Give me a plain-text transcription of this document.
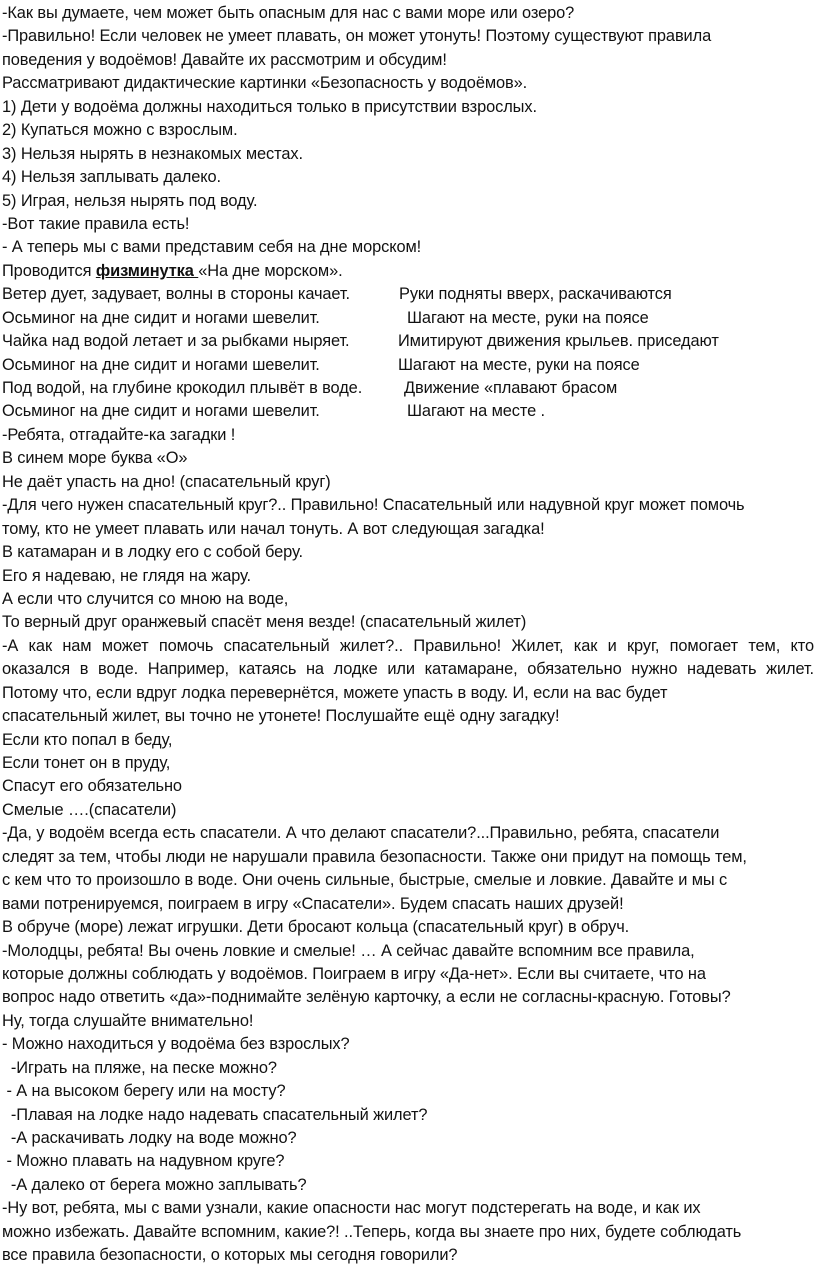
-Как вы думаете, чем может быть опасным для нас с вами море или озеро?
-Правильно! Если человек не умеет плавать, он может утонуть! Поэтому существуют правила
поведения у водоёмов! Давайте их рассмотрим и обсудим!
Рассматривают дидактические картинки «Безопасность у водоёмов».
1) Дети у водоёма должны находиться только в присутствии взрослых.
2) Купаться можно с взрослым.
3) Нельзя нырять в незнакомых местах.
4) Нельзя заплывать далеко.
5) Играя, нельзя нырять под воду.
-Вот такие правила есть!
- А теперь мы с вами представим себя на дне морском!
Проводится физминутка «На дне морском».
Ветер дует, задувает, волны в стороны качает.	Руки подняты вверх, раскачиваются
Осьминог на дне сидит и ногами шевелит.	Шагают на месте, руки на поясе
Чайка над водой летает и за рыбками ныряет.	Имитируют движения крыльев. приседают
Осьминог на дне сидит и ногами шевелит.	Шагают на месте, руки на поясе
Под водой, на глубине крокодил плывёт в воде.	Движение «плавают брасом
Осьминог на дне сидит и ногами шевелит.	Шагают на месте .
-Ребята, отгадайте-ка загадки !
В синем море буква «О»
Не даёт упасть на дно! (спасательный круг)
-Для чего нужен спасательный круг?.. Правильно! Спасательный или надувной круг может помочь
тому, кто не умеет плавать или начал тонуть. А вот следующая загадка!
В катамаран и в лодку его с собой беру.
Его я надеваю, не глядя на жару.
А если что случится со мною на воде,
То верный друг оранжевый спасёт меня везде! (спасательный жилет)
-А как нам может помочь спасательный жилет?.. Правильно! Жилет, как и круг, помогает тем, кто
оказался в воде. Например, катаясь на лодке или катамаране, обязательно нужно надевать жилет.
Потому что, если вдруг лодка перевернётся, можете упасть в воду. И, если на вас будет
спасательный жилет, вы точно не утонете! Послушайте ещё одну загадку!
Если кто попал в беду,
Если тонет он в пруду,
Спасут его обязательно
Смелые ….(спасатели)
-Да, у водоём всегда есть спасатели. А что делают спасатели?...Правильно, ребята, спасатели
следят за тем, чтобы люди не нарушали правила безопасности. Также они придут на помощь тем,
с кем что то произошло в воде. Они очень сильные, быстрые, смелые и ловкие. Давайте и мы с
вами потренируемся, поиграем в игру «Спасатели». Будем спасать наших друзей!
В обруче (море) лежат игрушки. Дети бросают кольца (спасательный круг) в обруч.
-Молодцы, ребята! Вы очень ловкие и смелые! … А сейчас давайте вспомним все правила,
которые должны соблюдать у водоёмов. Поиграем в игру «Да-нет». Если вы считаете, что на
вопрос надо ответить «да»-поднимайте зелёную карточку, а если не согласны-красную. Готовы?
Ну, тогда слушайте внимательно!
- Можно находиться у водоёма без взрослых?
-Играть на пляже, на песке можно?
- А на высоком берегу или на мосту?
-Плавая на лодке надо надевать спасательный жилет?
-А раскачивать лодку на воде можно?
- Можно плавать на надувном круге?
-А далеко от берега можно заплывать?
-Ну вот, ребята, мы с вами узнали, какие опасности нас могут подстерегать на воде, и как их
можно избежать. Давайте вспомним, какие?! ..Теперь, когда вы знаете про них, будете соблюдать
все правила безопасности, о которых мы сегодня говорили?
